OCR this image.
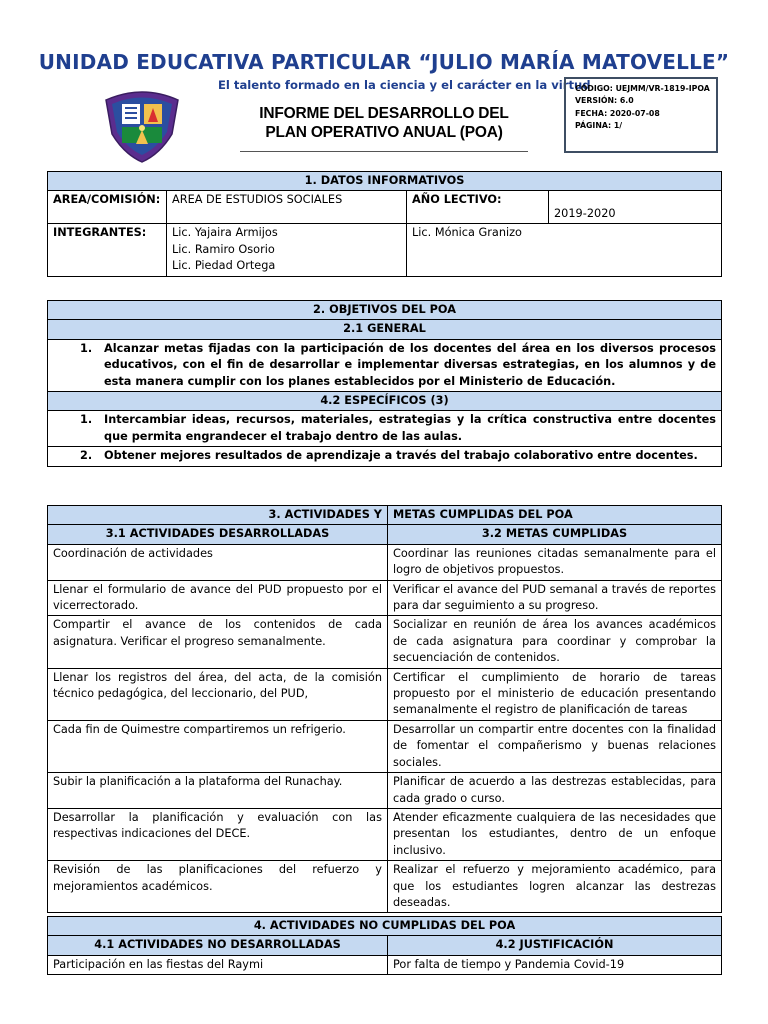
UNIDAD EDUCATIVA PARTICULAR “JULIO MARÍA MATOVELLE”
El talento formado en la ciencia y el carácter en la virtud
INFORME DEL DESARROLLO DEL
PLAN OPERATIVO ANUAL (POA)
CÓDIGO: UEJMM/VR-1819-IPOA
VERSIÓN: 6.0
FECHA: 2020-07-08
PÁGINA: 1/
1. DATOS INFORMATIVOS			
AREA/COMISIÓN:	AREA DE ESTUDIOS SOCIALES	AÑO LECTIVO:	2019-2020
INTEGRANTES:	Lic. Yajaira Armijos
Lic. Ramiro Osorio
Lic. Piedad Ortega	Lic. Mónica Granizo	
2. OBJETIVOS DEL POA
2.1 GENERAL

1.	Alcanzar metas fijadas con la participación de los docentes del área en los diversos procesos educativos, con el fin de desarrollar e implementar diversas estrategias, en los alumnos y de esta manera cumplir con los planes establecidos por el Ministerio de Educación.

4.2 ESPECÍFICOS (3)

1.	Intercambiar ideas, recursos, materiales, estrategias y la crítica constructiva entre docentes que permita engrandecer el trabajo dentro de las aulas.

2.	Obtener mejores resultados de aprendizaje a través del trabajo colaborativo entre docentes.
3. ACTIVIDADES Y	METAS CUMPLIDAS DEL POA
3.1 ACTIVIDADES DESARROLLADAS	3.2 METAS CUMPLIDAS
Coordinación de actividades	Coordinar las reuniones citadas semanalmente para el logro de objetivos propuestos.
Llenar el formulario de avance del PUD propuesto por el vicerrectorado.	Verificar el avance del PUD semanal a través de reportes para dar seguimiento a su progreso.
Compartir el avance de los contenidos de cada asignatura. Verificar el progreso semanalmente.	Socializar en reunión de área los avances académicos de cada asignatura para coordinar y comprobar la secuenciación de contenidos.
Llenar los registros del área, del acta, de la comisión técnico pedagógica, del leccionario, del PUD,	Certificar el cumplimiento de horario de tareas propuesto por el ministerio de educación presentando semanalmente el registro de planificación de tareas
Cada fin de Quimestre compartiremos un refrigerio.	Desarrollar un compartir entre docentes con la finalidad de fomentar el compañerismo y buenas relaciones sociales.
Subir la planificación a la plataforma del Runachay.	Planificar de acuerdo a las destrezas establecidas, para cada grado o curso.
Desarrollar la planificación y evaluación con las respectivas indicaciones del DECE.	Atender eficazmente cualquiera de las necesidades que presentan los estudiantes, dentro de un enfoque inclusivo.
Revisión de las planificaciones del refuerzo y mejoramientos académicos.	Realizar el refuerzo y mejoramiento académico, para que los estudiantes logren alcanzar las destrezas deseadas.
4. ACTIVIDADES NO CUMPLIDAS DEL POA	
4.1 ACTIVIDADES NO DESARROLLADAS	4.2 JUSTIFICACIÓN
Participación en las fiestas del Raymi	Por falta de tiempo y Pandemia Covid-19
